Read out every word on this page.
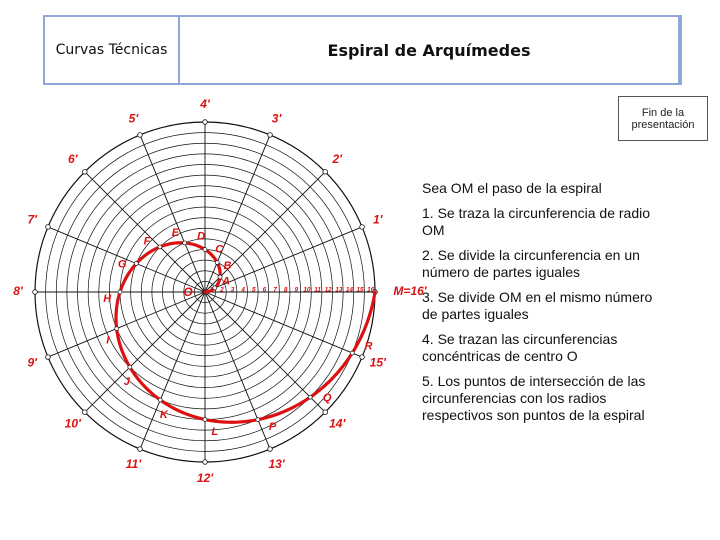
Curvas Técnicas	Espiral de Arquímedes
Fin de la presentación
M=16'
1'
2'
3'
4'
5'
6'
7'
8'
9'
10'
11'
12'
13'
14'
15'
O	1 2 3 4 5 6 7 8 9 10 11 12 13 14 15 16
A
B
C
D
E
F
G
H
I
J
K
L	P
Q
R

Sea OM el paso de la espiral

1. Se traza la circunferencia de radio OM

2. Se divide la circunferencia en un número de partes iguales

3. Se divide OM en el mismo número de partes iguales

4. Se trazan las circunferencias concéntricas de centro O

5. Los puntos de intersección de las circunferencias con los radios respectivos son puntos de la espiral
